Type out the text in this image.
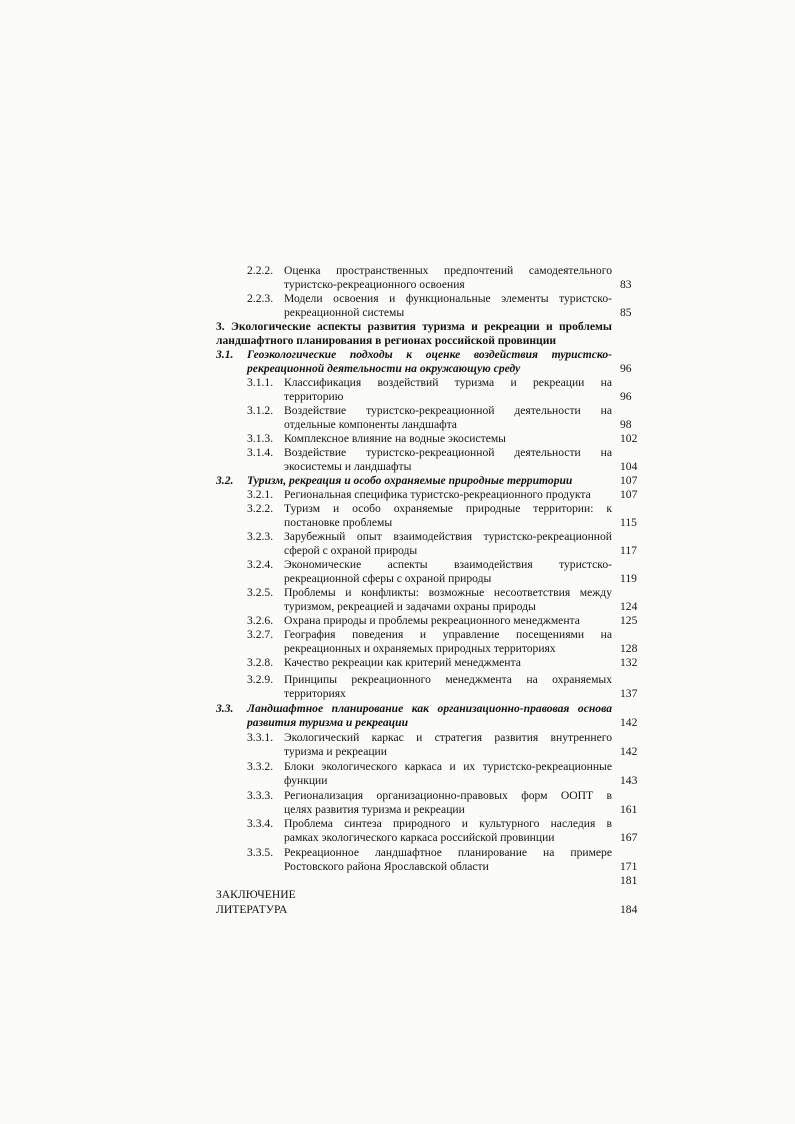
2.2.2. Оценка пространственных предпочтений самодеятельного
туристско-рекреационного освоения	83
2.2.3. Модели освоения и функциональные элементы туристско-
рекреационной системы	85
3. Экологические аспекты развития туризма и рекреации и проблемы
ландшафтного планирования в регионах российской провинции
3.1. Геоэкологические подходы к оценке воздействия туристско-
рекреационной деятельности на окружающую среду	96
3.1.1. Классификация воздействий туризма и рекреации на
территорию	96
3.1.2. Воздействие туристско-рекреационной деятельности на
отдельные компоненты ландшафта	98
3.1.3. Комплексное влияние на водные экосистемы	102
3.1.4. Воздействие туристско-рекреационной деятельности на
экосистемы и ландшафты	104
3.2. Туризм, рекреация и особо охраняемые природные территории	107
3.2.1. Региональная специфика туристско-рекреационного продукта	107
3.2.2. Туризм и особо охраняемые природные территории: к
постановке проблемы	115
3.2.3. Зарубежный опыт взаимодействия туристско-рекреационной
сферой с охраной природы	117
3.2.4. Экономические аспекты взаимодействия туристско-
рекреационной сферы с охраной природы	119
3.2.5. Проблемы и конфликты: возможные несоответствия между
туризмом, рекреацией и задачами охраны природы	124
3.2.6. Охрана природы и проблемы рекреационного менеджмента	125
3.2.7. География поведения и управление посещениями на
рекреационных и охраняемых природных территориях	128
3.2.8. Качество рекреации как критерий менеджмента	132
3.2.9. Принципы рекреационного менеджмента на охраняемых
территориях	137
3.3. Ландшафтное планирование как организационно-правовая основа
развития туризма и рекреации	142
3.3.1. Экологический каркас и стратегия развития внутреннего
туризма и рекреации	142
3.3.2. Блоки экологического каркаса и их туристско-рекреационные
функции	143
3.3.3. Регионализация организационно-правовых форм ООПТ в
целях развития туризма и рекреации	161
3.3.4. Проблема синтеза природного и культурного наследия в
рамках экологического каркаса российской провинции	167
3.3.5. Рекреационное ландшафтное планирование на примере
Ростовского района Ярославской области	171
181
ЗАКЛЮЧЕНИЕ
ЛИТЕРАТУРА	184
